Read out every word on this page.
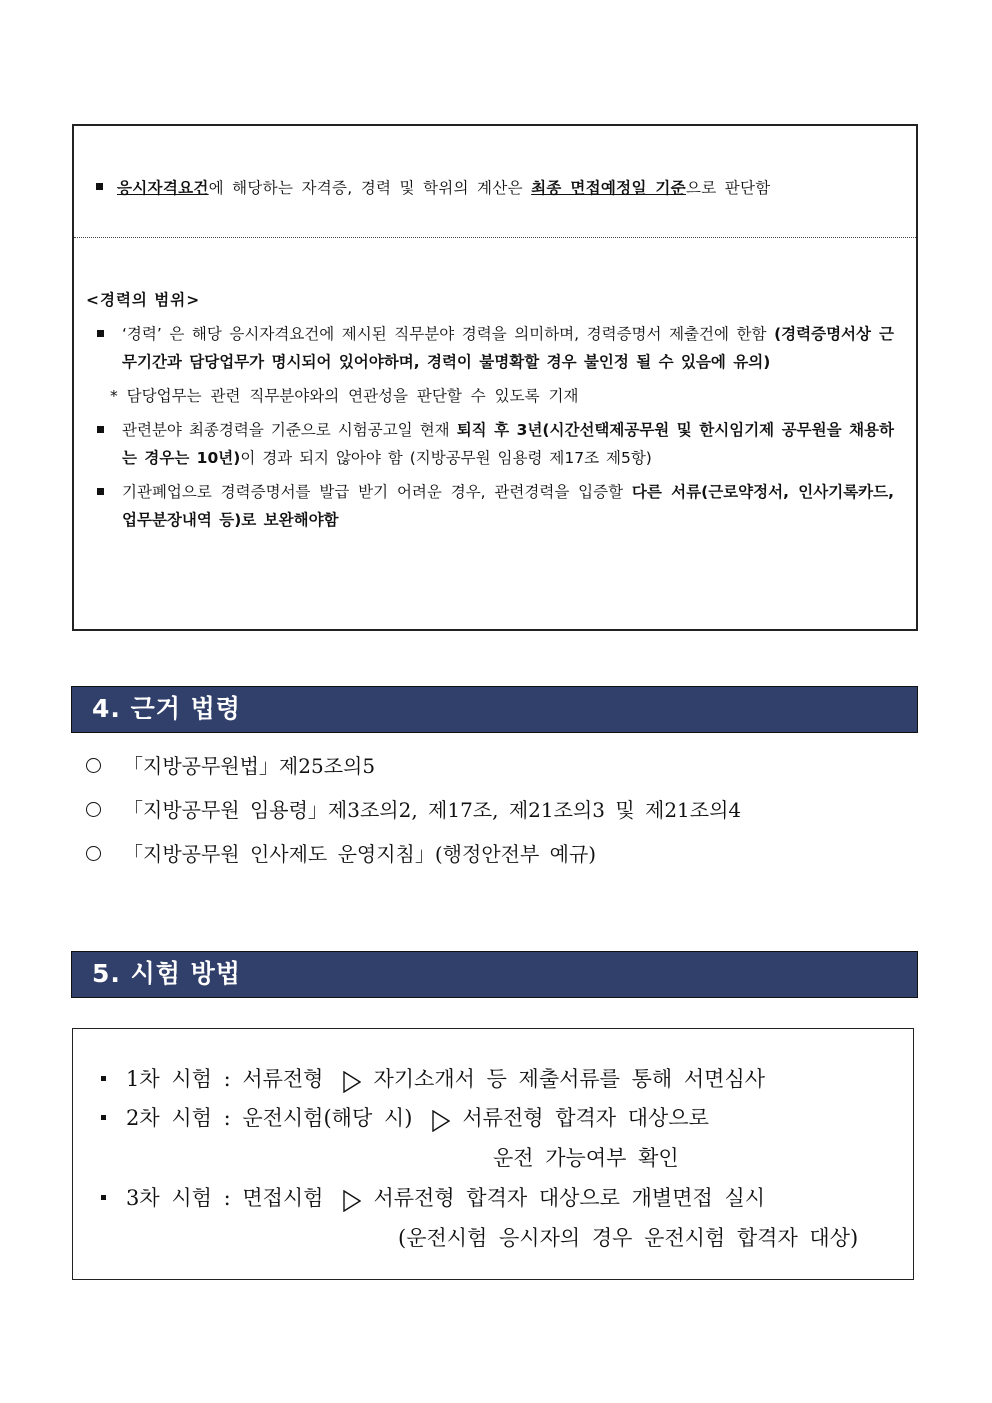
응시자격요건에 해당하는 자격증, 경력 및 학위의 계산은 최종 면접예정일 기준으로 판단함
<경력의 범위>
‘경력’ 은 해당 응시자격요건에 제시된 직무분야 경력을 의미하며, 경력증명서 제출건에 한함 (경력증명서상 근무기간과 담당업무가 명시되어 있어야하며, 경력이 불명확할 경우 불인정 될 수 있음에 유의)
* 담당업무는 관련 직무분야와의 연관성을 판단할 수 있도록 기재
관련분야 최종경력을 기준으로 시험공고일 현재 퇴직 후 3년(시간선택제공무원 및 한시임기제 공무원을 채용하는 경우는 10년)이 경과 되지 않아야 함 (지방공무원 임용령 제17조 제5항)
기관폐업으로 경력증명서를 발급 받기 어려운 경우, 관련경력을 입증할 다른 서류(근로약정서, 인사기록카드, 업무분장내역 등)로 보완해야함
4. 근거 법령
「지방공무원법」제25조의5
「지방공무원 임용령」제3조의2, 제17조, 제21조의3 및 제21조의4
「지방공무원 인사제도 운영지침」(행정안전부 예규)
5. 시험 방법
1차 시험 : 서류전형 자기소개서 등 제출서류를 통해 서면심사
2차 시험 : 운전시험(해당 시) 서류전형 합격자 대상으로
운전 가능여부 확인
3차 시험 : 면접시험 서류전형 합격자 대상으로 개별면접 실시
(운전시험 응시자의 경우 운전시험 합격자 대상)
